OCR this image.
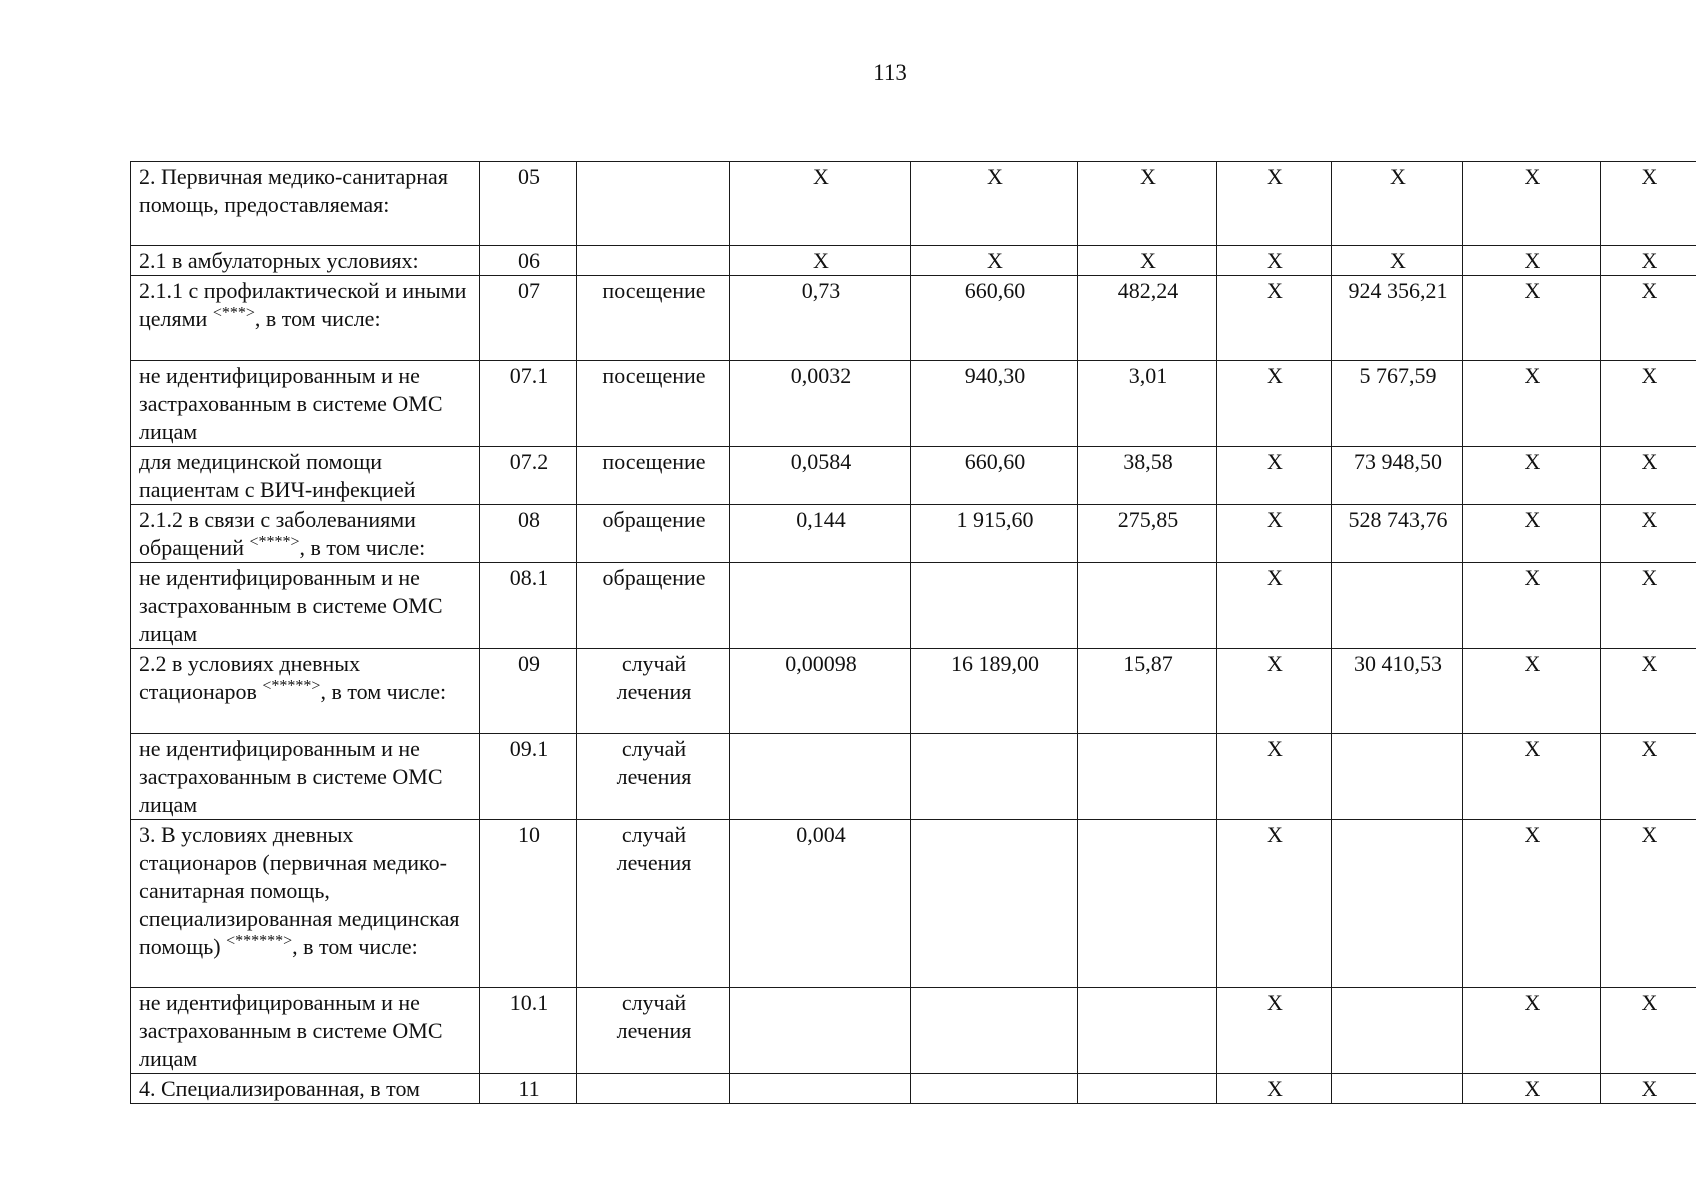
113
2. Первичная медико-санитарная помощь, предоставляемая:	05		X	X	X	X	X	X	X
2.1 в амбулаторных условиях:	06		X	X	X	X	X	X	X
2.1.1 с профилактической и иными целями <***>, в том числе:	07	посещение	0,73	660,60	482,24	X	924 356,21	X	X
не идентифицированным и не застрахованным в системе ОМС лицам	07.1	посещение	0,0032	940,30	3,01	X	5 767,59	X	X
для медицинской помощи пациентам с ВИЧ-инфекцией	07.2	посещение	0,0584	660,60	38,58	X	73 948,50	X	X
2.1.2 в связи с заболеваниями обращений <****>, в том числе:	08	обращение	0,144	1 915,60	275,85	X	528 743,76	X	X
не идентифицированным и не застрахованным в системе ОМС лицам	08.1	обращение				X		X	X
2.2 в условиях дневных стационаров <*****>, в том числе:	09	случай лечения	0,00098	16 189,00	15,87	X	30 410,53	X	X
не идентифицированным и не застрахованным в системе ОМС лицам	09.1	случай лечения				X		X	X
3. В условиях дневных стационаров (первичная медико-санитарная помощь, специализированная медицинская помощь) <******>, в том числе:	10	случай лечения	0,004			X		X	X
не идентифицированным и не застрахованным в системе ОМС лицам	10.1	случай лечения				X		X	X
4. Специализированная, в том	11					X		X	X
